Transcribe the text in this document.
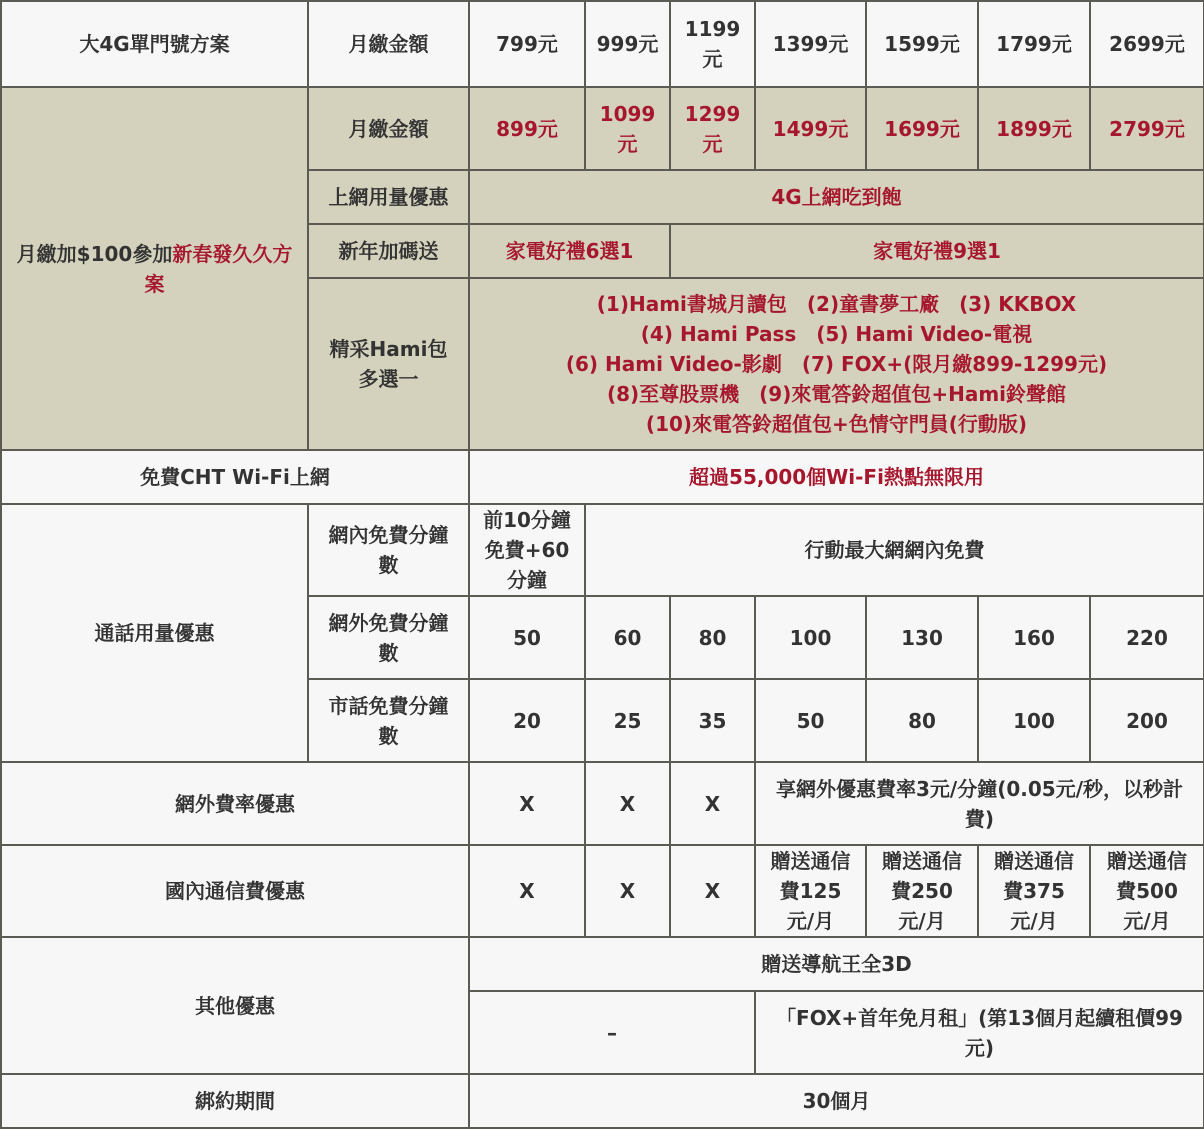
大4G單門號方案	月繳金額	799元	999元	1199元	1399元	1599元	1799元	2699元
月繳加$100參加新春發久久方案	月繳金額	899元	1099元	1299元	1499元	1699元	1899元	2799元
	上網用量優惠	4G上網吃到飽						
	新年加碼送	家電好禮6選1		家電好禮9選1				
	精采Hami包多選一	(1)Hami書城月讀包　(2)童書夢工廠　(3) KKBOX
(4) Hami Pass　(5) Hami Video-電視
(6) Hami Video-影劇　(7) FOX+(限月繳899-1299元)
(8)至尊股票機　(9)來電答鈴超值包+Hami鈴聲館
(10)來電答鈴超值包+色情守門員(行動版)						

免費CHT Wi-Fi上網		超過55,000個Wi-Fi熱點無限用						
通話用量優惠	網內免費分鐘數	前10分鐘免費+60分鐘	行動最大網網內免費					
	網外免費分鐘數	50	60	80	100	130	160	220
	市話免費分鐘數	20	25	35	50	80	100	200
網外費率優惠		X	X	X	享網外優惠費率3元/分鐘(0.05元/秒，以秒計費)			
國內通信費優惠		X	X	X	贈送通信費125元/月	贈送通信費250元/月	贈送通信費375元/月	贈送通信費500元/月
其他優惠		贈送導航王全3D						
		–			「FOX+首年免月租」(第13個月起續租價99元)			
綁約期間		30個月						
